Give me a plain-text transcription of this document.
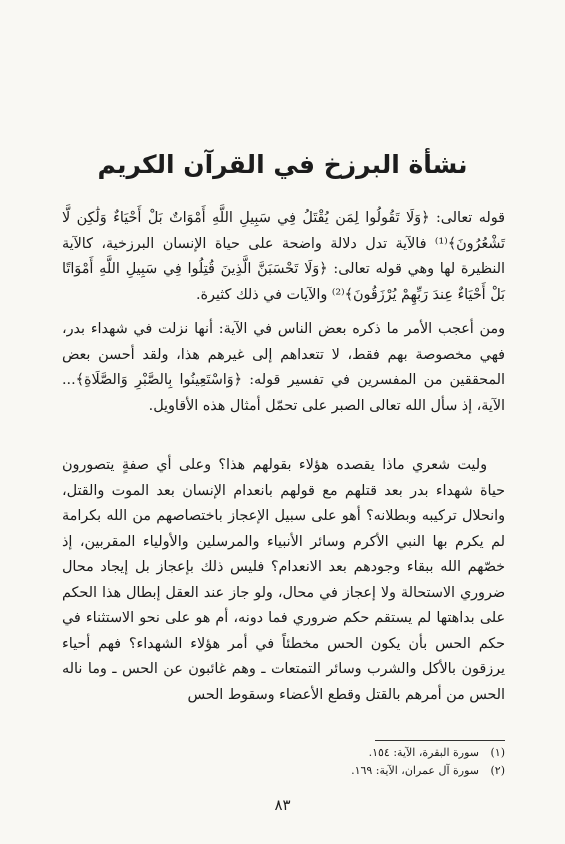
نشأة البرزخ في القرآن الكريم

قوله تعالى: ﴿وَلَا تَقُولُوا لِمَن يُقْتَلُ فِي سَبِيلِ اللَّهِ أَمْوَاتٌ بَلْ أَحْيَاءٌ وَلَٰكِن لَّا تَشْعُرُونَ﴾⁽¹⁾ فالآية تدل دلالة واضحة على حياة الإنسان البرزخية، كالآية النظيرة لها وهي قوله تعالى: ﴿وَلَا تَحْسَبَنَّ الَّذِينَ قُتِلُوا فِي سَبِيلِ اللَّهِ أَمْوَاتًا بَلْ أَحْيَاءٌ عِندَ رَبِّهِمْ يُرْزَقُونَ﴾⁽²⁾ والآيات في ذلك كثيرة.

ومن أعجب الأمر ما ذكره بعض الناس في الآية: أنها نزلت في شهداء بدر، فهي مخصوصة بهم فقط، لا تتعداهم إلى غيرهم هذا، ولقد أحسن بعض المحققين من المفسرين في تفسير قوله: ﴿وَاسْتَعِينُوا بِالصَّبْرِ وَالصَّلَاةِ﴾... الآية، إذ سأل الله تعالى الصبر على تحمّل أمثال هذه الأقاويل.

وليت شعري ماذا يقصده هؤلاء بقولهم هذا؟ وعلى أي صفةٍ يتصورون حياة شهداء بدر بعد قتلهم مع قولهم بانعدام الإنسان بعد الموت والقتل، وانحلال تركيبه وبطلانه؟ أهو على سبيل الإعجاز باختصاصهم من الله بكرامة لم يكرم بها النبي الأكرم وسائر الأنبياء والمرسلين والأولياء المقربين، إذ خصّهم الله ببقاء وجودهم بعد الانعدام؟ فليس ذلك بإعجاز بل إيجاد محال ضروري الاستحالة ولا إعجاز في محال، ولو جاز عند العقل إبطال هذا الحكم على بداهتها لم يستقم حكم ضروري فما دونه، أم هو على نحو الاستثناء في حكم الحس بأن يكون الحس مخطئاً في أمر هؤلاء الشهداء؟ فهم أحياء يرزقون بالأكل والشرب وسائر التمتعات ـ وهم غائبون عن الحس ـ وما ناله الحس من أمرهم بالقتل وقطع الأعضاء وسقوط الحس

(١) سورة البقرة، الآية: ١٥٤.
(٢) سورة آل عمران، الآية: ١٦٩.
٨٣
